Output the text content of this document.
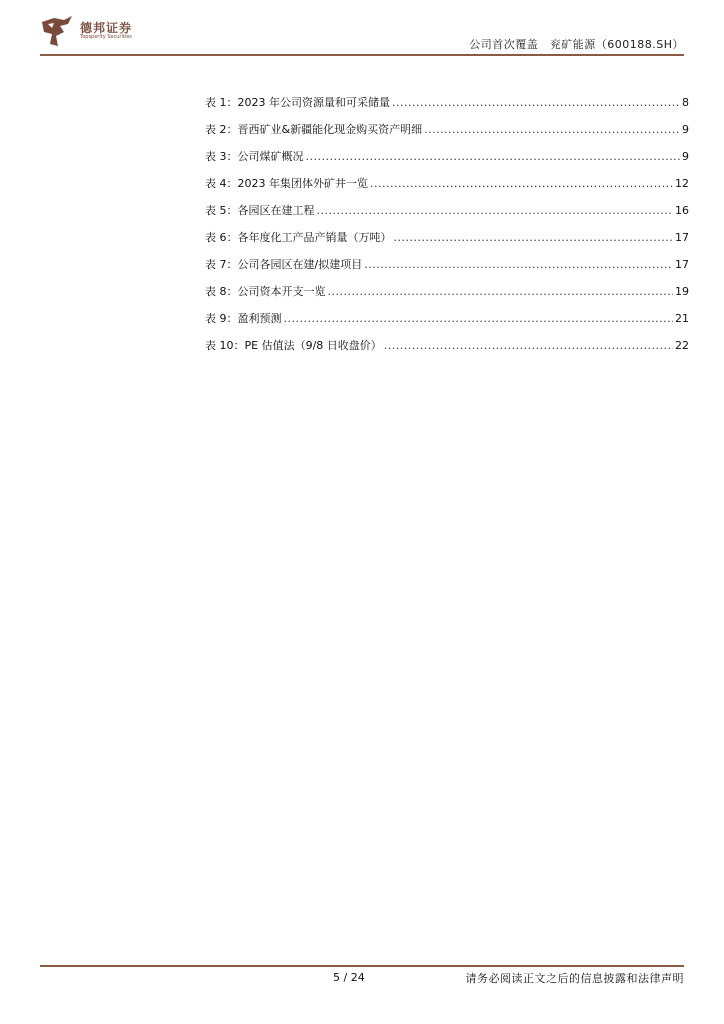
德邦证券
Topsperity Securities
公司首次覆盖　兖矿能源（600188.SH）
表 1：2023 年公司资源量和可采储量 .....	8
表 2：晋西矿业&新疆能化现金购买资产明细 .....	9
表 3：公司煤矿概况 .....	9
表 4：2023 年集团体外矿井一览 .....	12
表 5：各园区在建工程 .....	16
表 6：各年度化工产品产销量（万吨） .....	17
表 7：公司各园区在建/拟建项目 .....	17
表 8：公司资本开支一览 .....	19
表 9：盈利预测 .....	21
表 10：PE 估值法（9/8 日收盘价） .....	22
5 / 24	请务必阅读正文之后的信息披露和法律声明
